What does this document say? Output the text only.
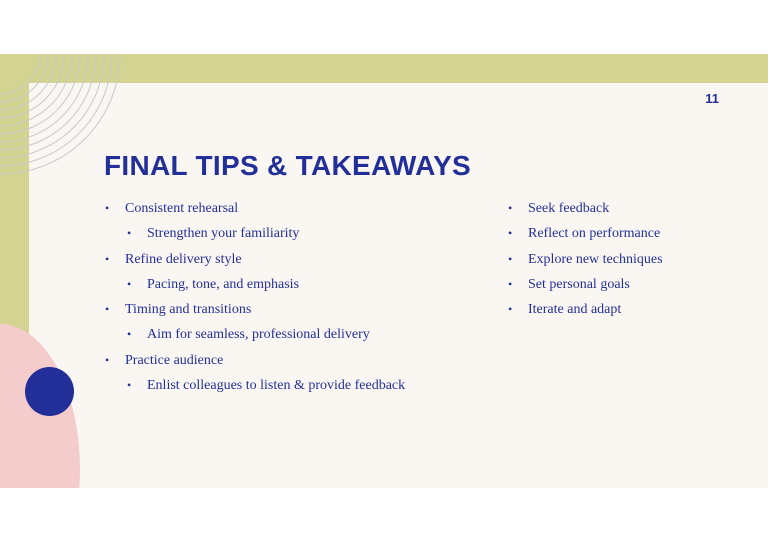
11
FINAL TIPS & TAKEAWAYS
• Consistent rehearsal
• Strengthen your familiarity
• Refine delivery style
• Pacing, tone, and emphasis
• Timing and transitions
• Aim for seamless, professional delivery
• Practice audience
• Enlist colleagues to listen & provide feedback
• Seek feedback
• Reflect on performance
• Explore new techniques
• Set personal goals
• Iterate and adapt
